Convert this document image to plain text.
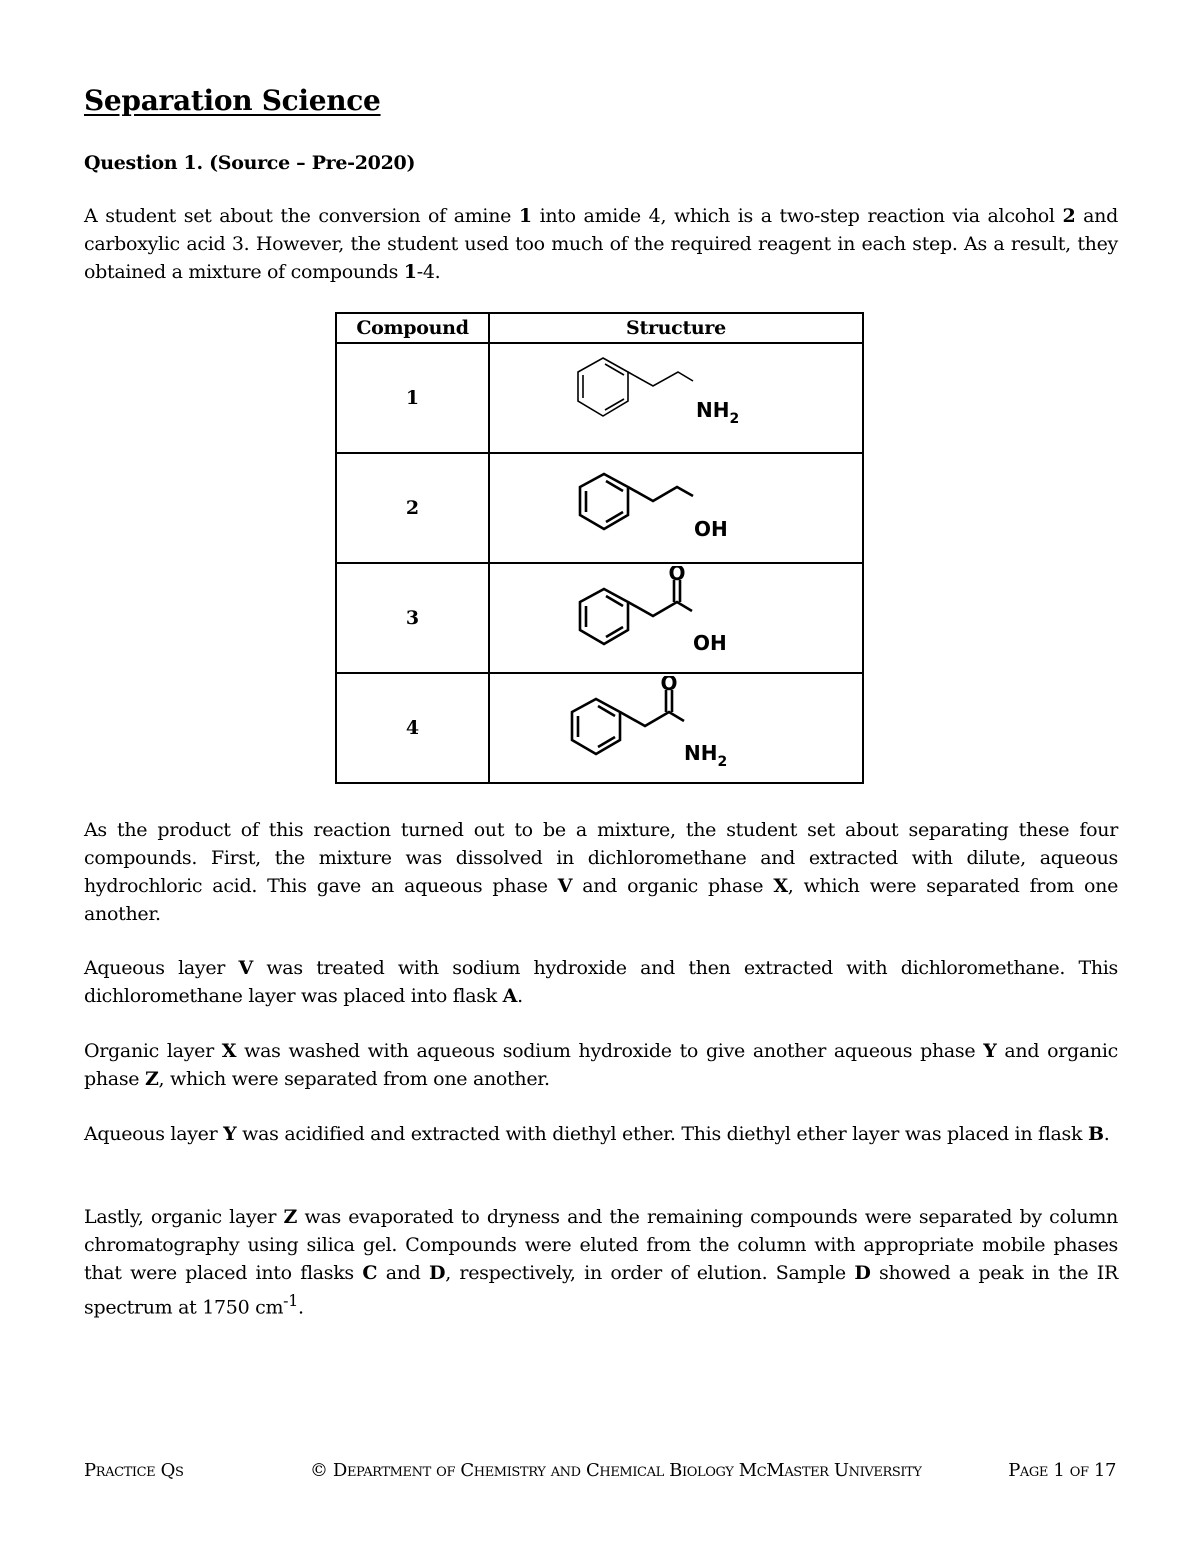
Separation Science

Question 1. (Source – Pre-2020)

A student set about the conversion of amine 1 into amide 4, which is a two-step reaction via alcohol 2 and carboxylic acid 3. However, the student used too much of the required reagent in each step. As a result, they obtained a mixture of compounds 1-4.

Compound	Structure
1	$NH_2$

2	OH

3	O
OH

4	O
$NH_2$

As the product of this reaction turned out to be a mixture, the student set about separating these four compounds. First, the mixture was dissolved in dichloromethane and extracted with dilute, aqueous hydrochloric acid. This gave an aqueous phase V and organic phase X, which were separated from one another.

Aqueous layer V was treated with sodium hydroxide and then extracted with dichloromethane. This dichloromethane layer was placed into flask A.

Organic layer X was washed with aqueous sodium hydroxide to give another aqueous phase Y and organic phase Z, which were separated from one another.

Aqueous layer Y was acidified and extracted with diethyl ether. This diethyl ether layer was placed in flask B.

Lastly, organic layer Z was evaporated to dryness and the remaining compounds were separated by column chromatography using silica gel. Compounds were eluted from the column with appropriate mobile phases that were placed into flasks C and D, respectively, in order of elution. Sample D showed a peak in the IR spectrum at 1750 $cm^{-1}$.

Practice Qs	© Department of Chemistry and Chemical Biology McMaster University	Page 1 of 17
